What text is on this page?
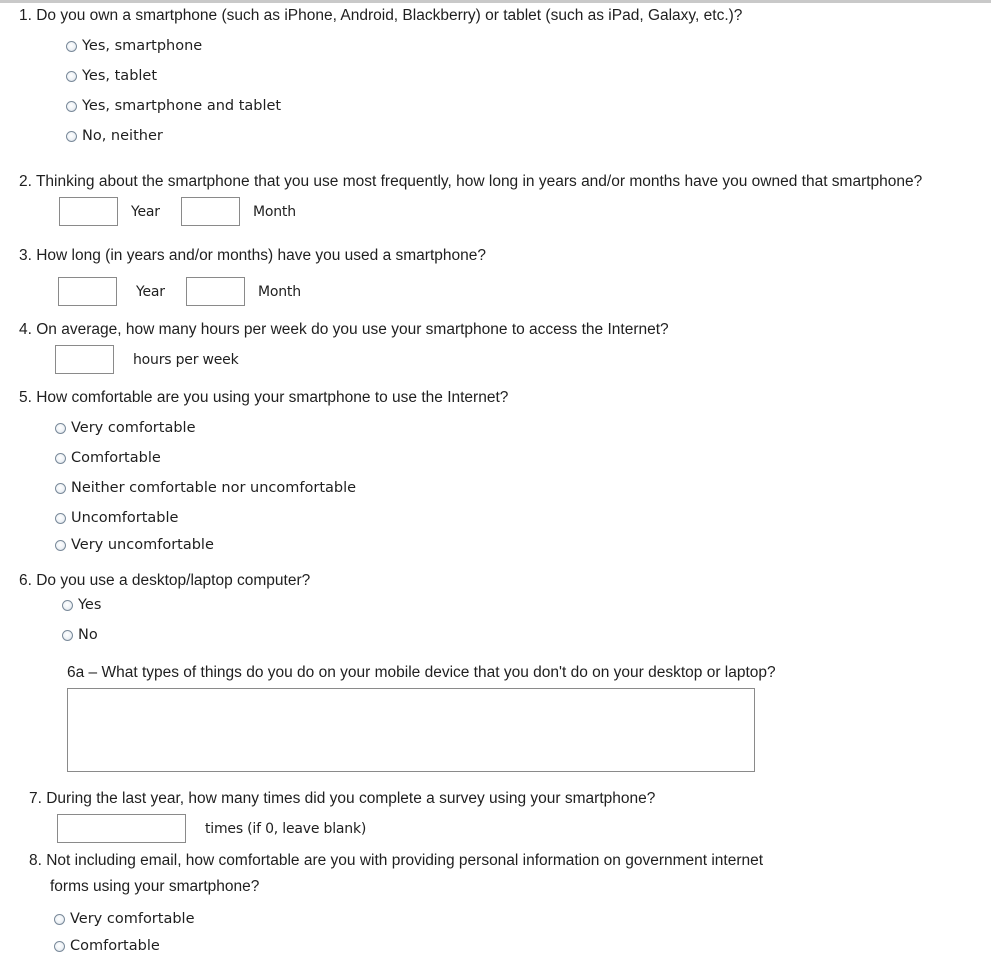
1. Do you own a smartphone (such as iPhone, Android, Blackberry) or tablet (such as iPad, Galaxy, etc.)?
Yes, smartphone
Yes, tablet
Yes, smartphone and tablet
No, neither
2. Thinking about the smartphone that you use most frequently, how long in years and/or months have you owned that smartphone?
Year	Month
3. How long (in years and/or months) have you used a smartphone?
Year	Month
4. On average, how many hours per week do you use your smartphone to access the Internet?
hours per week
5. How comfortable are you using your smartphone to use the Internet?
Very comfortable
Comfortable
Neither comfortable nor uncomfortable
Uncomfortable
Very uncomfortable
6. Do you use a desktop/laptop computer?
Yes
No
6a – What types of things do you do on your mobile device that you don't do on your desktop or laptop?
7. During the last year, how many times did you complete a survey using your smartphone?
times (if 0, leave blank)
8. Not including email, how comfortable are you with providing personal information on government internet
forms using your smartphone?
Very comfortable
Comfortable
